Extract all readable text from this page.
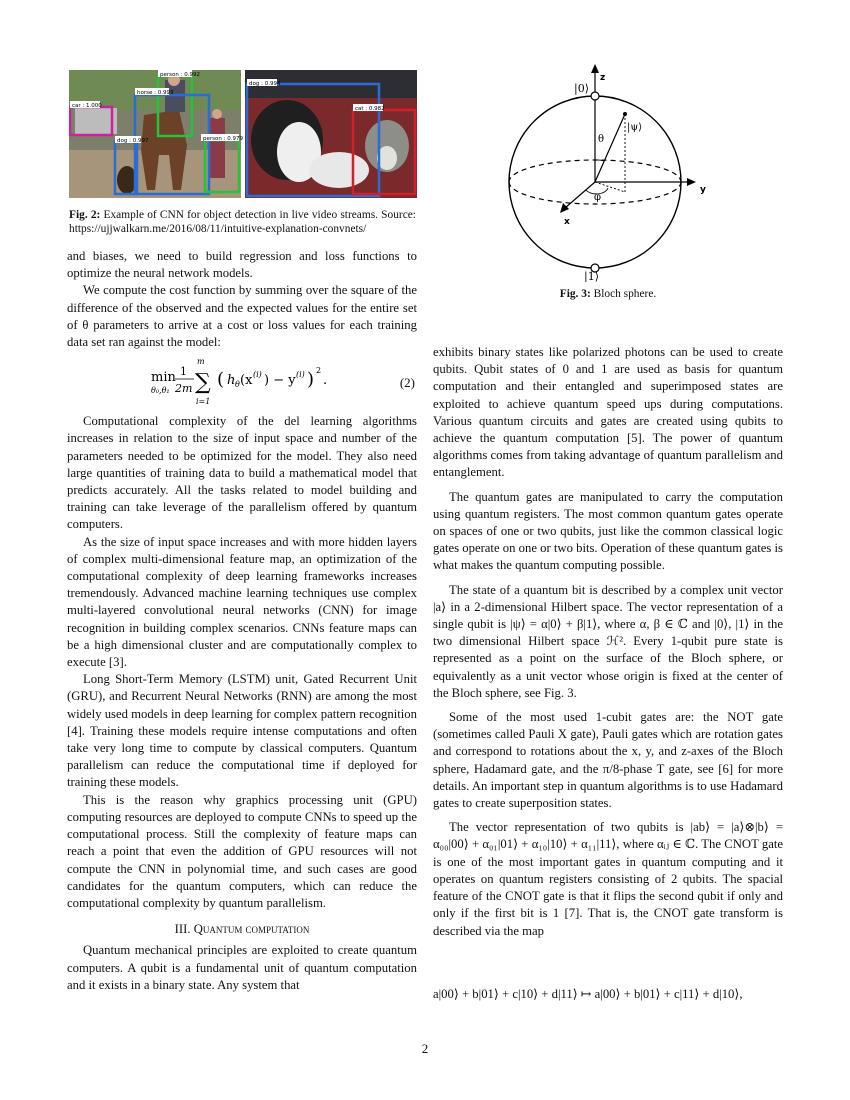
person : 0.992
horse : 0.993
car : 1.000
dog : 0.997	person : 0.979
dog : 0.994
cat : 0.982
Fig. 2: Example of CNN for object detection in live video streams. Source: https://ujjwalkarn.me/2016/08/11/intuitive-explanation-convnets/
|0⟩
|1⟩
|ψ⟩
θ
φ
z
y
x
Fig. 3: Bloch sphere.

and biases, we need to build regression and loss functions to optimize the neural network models.

We compute the cost function by summing over the square of the difference of the observed and the expected values for the entire set of θ parameters to arrive at a cost or loss values for each training data set ran against the model:

min
θ₀,θ₁
1
2m
m
∑
i=1
( h θ (x (i) ) − y (i) ) 2
.	(2)

Computational complexity of the del learning algorithms increases in relation to the size of input space and number of the parameters needed to be optimized for the model. They also need large quantities of training data to build a mathematical model that predicts accurately. All the tasks related to model building and training can take leverage of the parallelism offered by quantum computers.

As the size of input space increases and with more hidden layers of complex multi-dimensional feature map, an optimization of the computational complexity of deep learning frameworks increases tremendously. Advanced machine learning techniques use complex multi-layered convolutional neural networks (CNN) for image recognition in building complex scenarios. CNNs feature maps can be a high dimensional cluster and are computationally complex to execute [3].

Long Short-Term Memory (LSTM) unit, Gated Recurrent Unit (GRU), and Recurrent Neural Networks (RNN) are among the most widely used models in deep learning for complex pattern recognition [4]. Training these models require intense computations and often take very long time to compute by classical computers. Quantum parallelism can reduce the computational time if deployed for training these models.

This is the reason why graphics processing unit (GPU) computing resources are deployed to compute CNNs to speed up the computational process. Still the complexity of feature maps can reach a point that even the addition of GPU resources will not compute the CNN in polynomial time, and such cases are good candidates for the quantum computers, which can reduce the computational complexity by quantum parallelism.

III. Quantum computation

Quantum mechanical principles are exploited to create quantum computers. A qubit is a fundamental unit of quantum computation and it exists in a binary state. Any system that

exhibits binary states like polarized photons can be used to create qubits. Qubit states of 0 and 1 are used as basis for quantum computation and their entangled and superimposed states are exploited to achieve quantum speed ups during computations. Various quantum circuits and gates are created using qubits to achieve the quantum computation [5]. The power of quantum algorithms comes from taking advantage of quantum parallelism and entanglement.

The quantum gates are manipulated to carry the computation using quantum registers. The most common quantum gates operate on spaces of one or two qubits, just like the common classical logic gates operate on one or two bits. Operation of these quantum gates is what makes the quantum computing possible.

The state of a quantum bit is described by a complex unit vector |a⟩ in a 2-dimensional Hilbert space. The vector representation of a single qubit is |ψ⟩ = α|0⟩ + β|1⟩, where α, β ∈ ℂ and |0⟩, |1⟩ in the two dimensional Hilbert space ℋ². Every 1-qubit pure state is represented as a point on the surface of the Bloch sphere, or equivalently as a unit vector whose origin is fixed at the center of the Bloch sphere, see Fig. 3.

Some of the most used 1-cubit gates are: the NOT gate (sometimes called Pauli X gate), Pauli gates which are rotation gates and correspond to rotations about the x, y, and z-axes of the Bloch sphere, Hadamard gate, and the π/8-phase T gate, see [6] for more details. An important step in quantum algorithms is to use Hadamard gates to create superposition states.

The vector representation of two qubits is |ab⟩ = |a⟩⊗|b⟩ = α₀₀|00⟩ + α₀₁|01⟩ + α₁₀|10⟩ + α₁₁|11⟩, where αᵢⱼ ∈ ℂ. The CNOT gate is one of the most important gates in quantum computing and it operates on quantum registers consisting of 2 qubits. The spacial feature of the CNOT gate is that it flips the second qubit if only and only if the first bit is 1 [7]. That is, the CNOT gate transform is described via the map

a|00⟩ + b|01⟩ + c|10⟩ + d|11⟩ ↦ a|00⟩ + b|01⟩ + c|11⟩ + d|10⟩,
2
